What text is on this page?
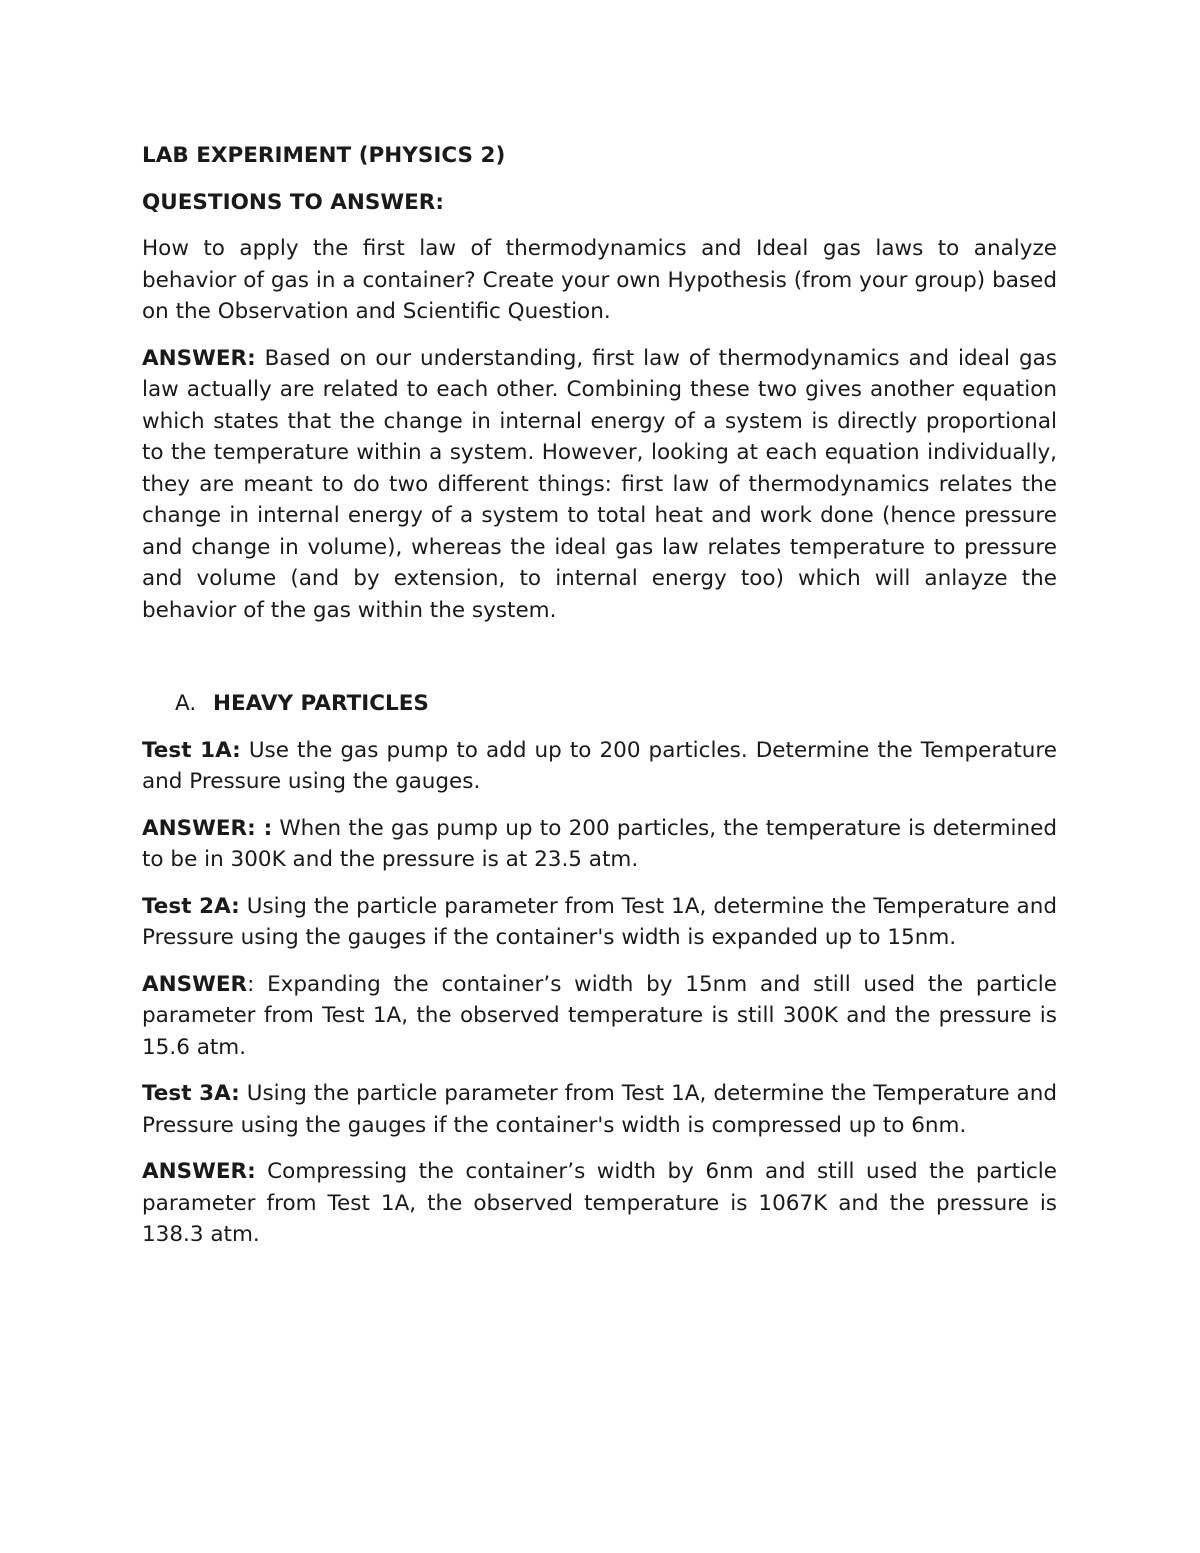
LAB EXPERIMENT (PHYSICS 2)

QUESTIONS TO ANSWER:

How to apply the first law of thermodynamics and Ideal gas laws to analyze behavior of gas in a container? Create your own Hypothesis (from your group) based on the Observation and Scientific Question.

ANSWER: Based on our understanding, first law of thermodynamics and ideal gas law actually are related to each other. Combining these two gives another equation which states that the change in internal energy of a system is directly proportional to the temperature within a system. However, looking at each equation individually, they are meant to do two different things: first law of thermodynamics relates the change in internal energy of a system to total heat and work done (hence pressure and change in volume), whereas the ideal gas law relates temperature to pressure and volume (and by extension, to internal energy too) which will anlayze the behavior of the gas within the system.

A. HEAVY PARTICLES

Test 1A: Use the gas pump to add up to 200 particles. Determine the Temperature and Pressure using the gauges.

ANSWER: : When the gas pump up to 200 particles, the temperature is determined to be in 300K and the pressure is at 23.5 atm.

Test 2A: Using the particle parameter from Test 1A, determine the Temperature and Pressure using the gauges if the container's width is expanded up to 15nm.

ANSWER: Expanding the container’s width by 15nm and still used the particle parameter from Test 1A, the observed temperature is still 300K and the pressure is 15.6 atm.

Test 3A: Using the particle parameter from Test 1A, determine the Temperature and Pressure using the gauges if the container's width is compressed up to 6nm.

ANSWER: Compressing the container’s width by 6nm and still used the particle parameter from Test 1A, the observed temperature is 1067K and the pressure is 138.3 atm.
